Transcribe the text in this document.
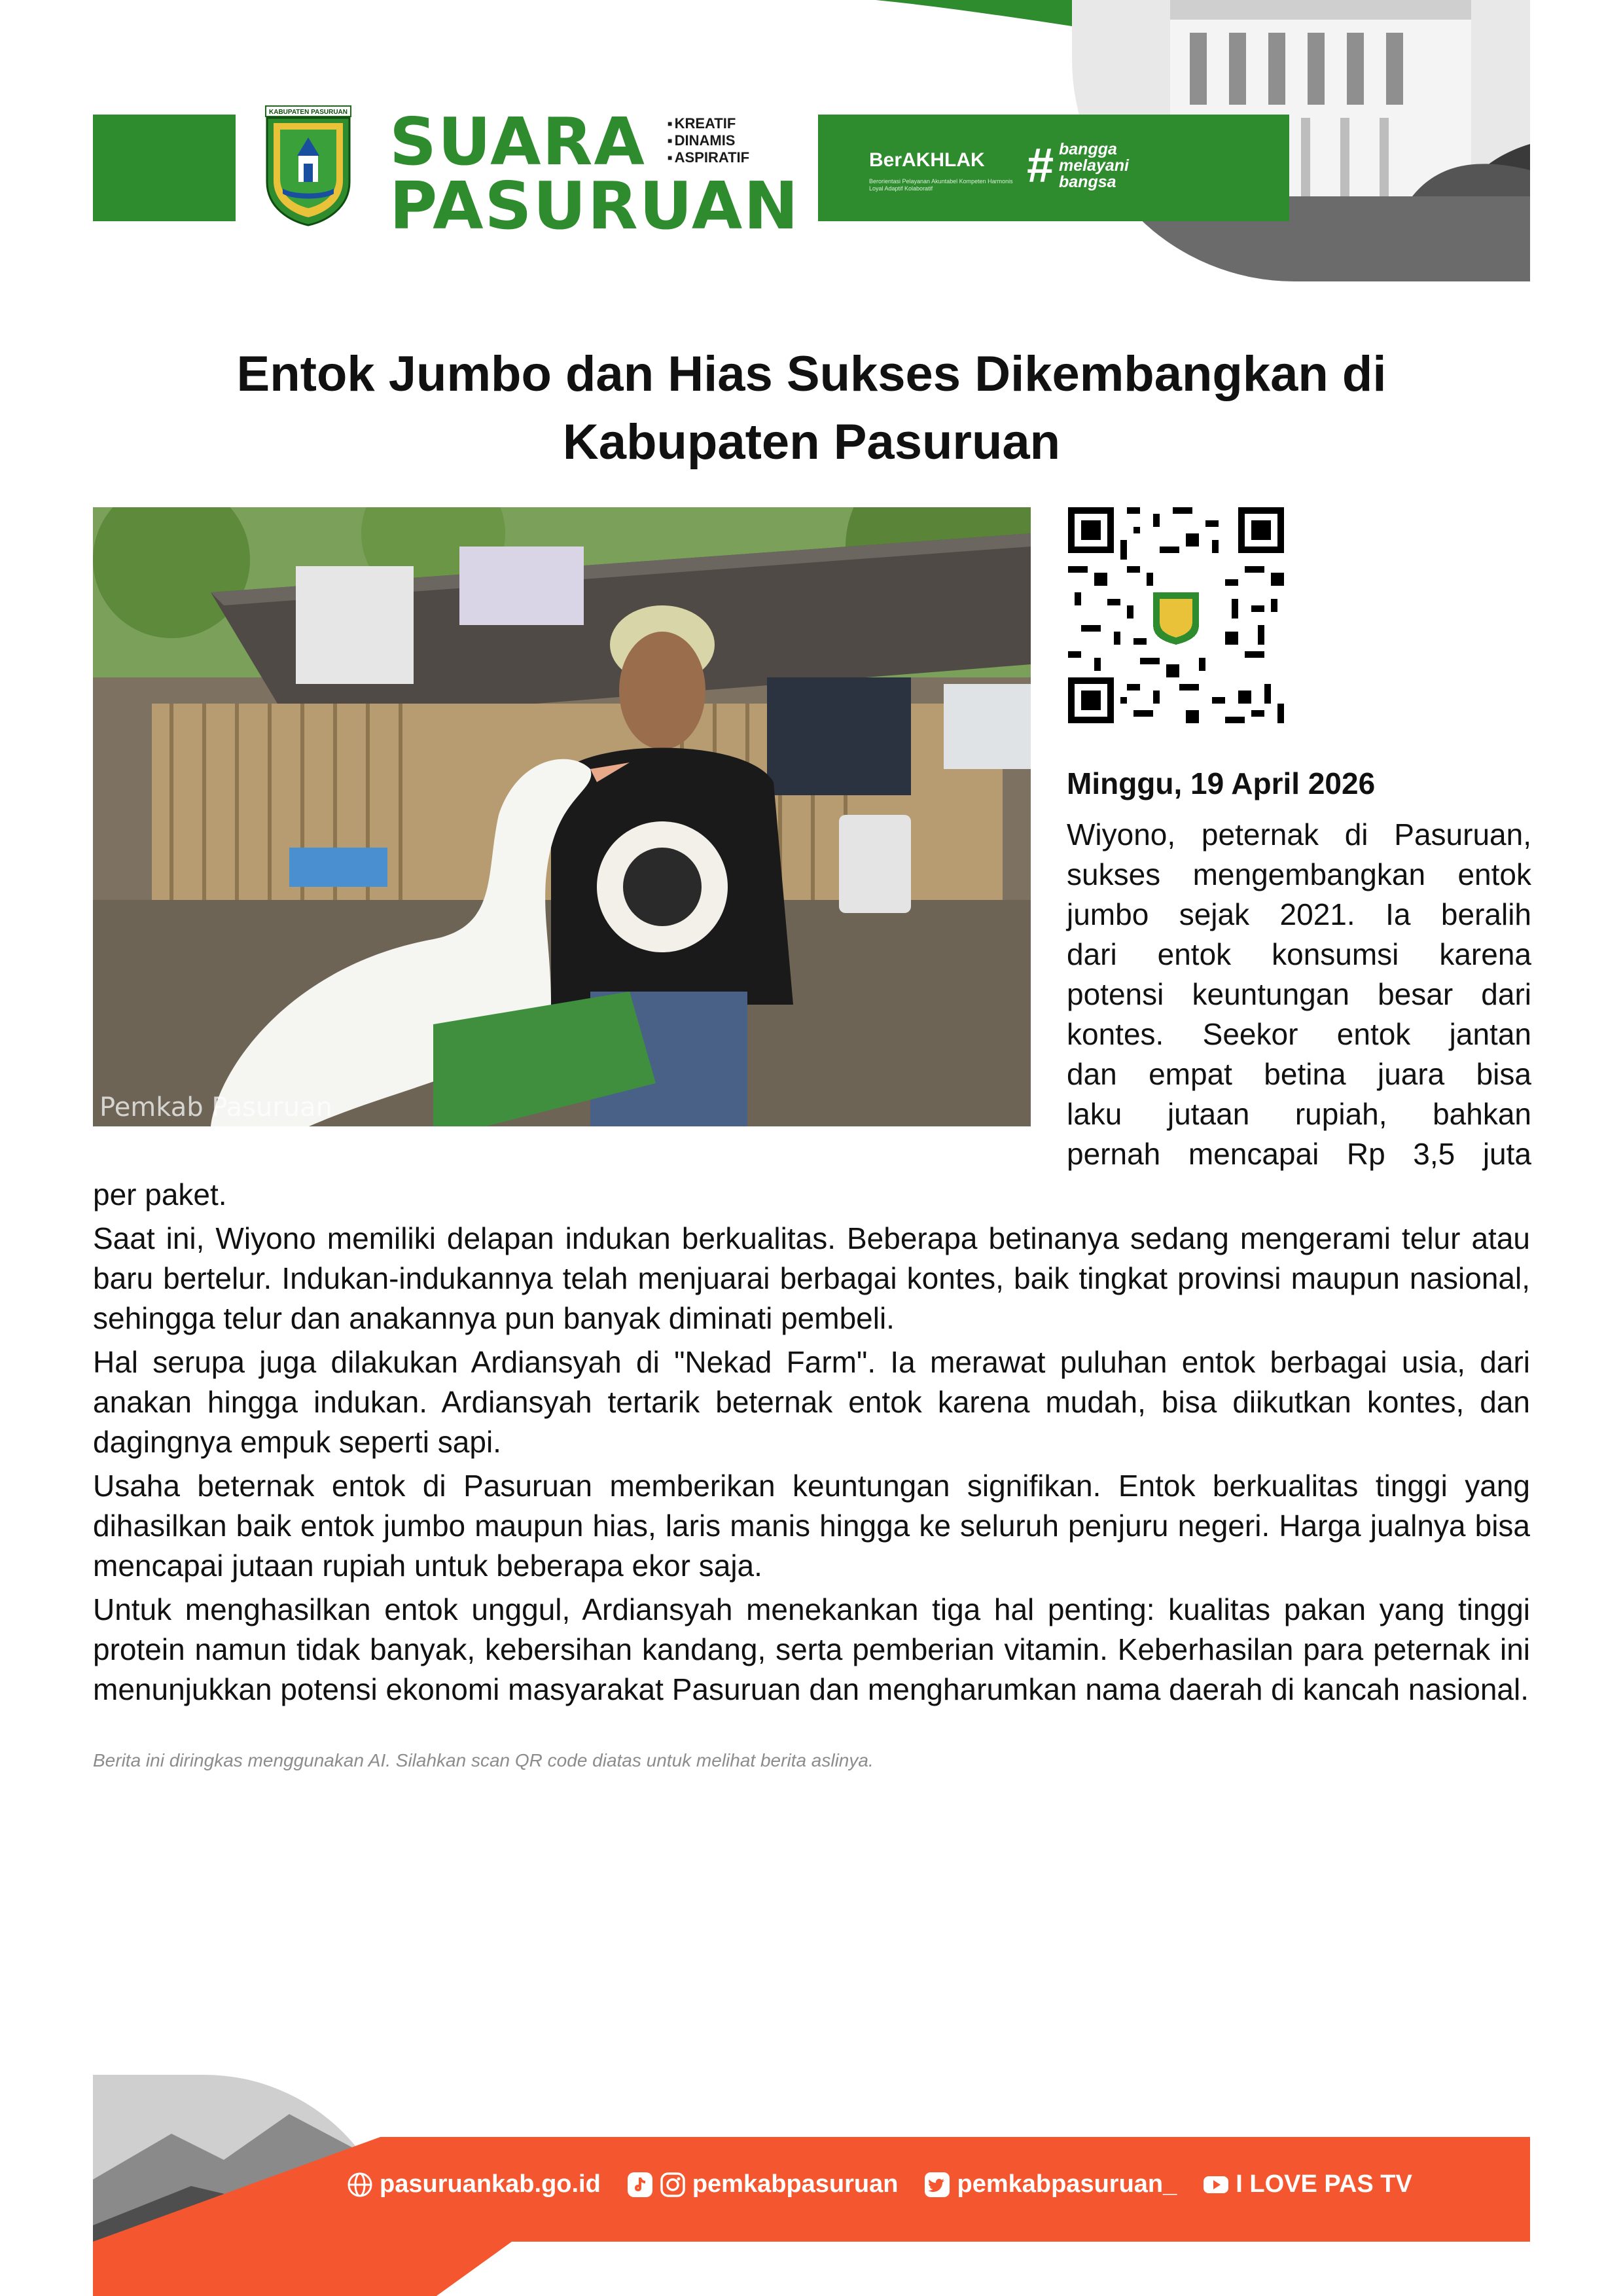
KABUPATEN PASURUAN SUARA
PASURUAN
■ KREATIF
■ DINAMIS
■ ASPIRATIF	BerAKHLAK
Berorientasi Pelayanan Akuntabel Kompeten Harmonis Loyal Adaptif Kolaboratif	# bangga
melayani
bangsa
Entok Jumbo dan Hias Sukses Dikembangkan di
Kabupaten Pasuruan
Pemkab Pasuruan
Minggu, 19 April 2026
Wiyono, peternak di Pasuruan,
sukses mengembangkan entok
jumbo sejak 2021. Ia beralih
dari entok konsumsi karena
potensi keuntungan besar dari
kontes. Seekor entok jantan
dan empat betina juara bisa
laku jutaan rupiah, bahkan
pernah mencapai Rp 3,5 juta
per paket.

Saat ini, Wiyono memiliki delapan indukan berkualitas. Beberapa betinanya sedang mengerami telur atau baru bertelur. Indukan-indukannya telah menjuarai berbagai kontes, baik tingkat provinsi maupun nasional, sehingga telur dan anakannya pun banyak diminati pembeli.

Hal serupa juga dilakukan Ardiansyah di "Nekad Farm". Ia merawat puluhan entok berbagai usia, dari anakan hingga indukan. Ardiansyah tertarik beternak entok karena mudah, bisa diikutkan kontes, dan dagingnya empuk seperti sapi.

Usaha beternak entok di Pasuruan memberikan keuntungan signifikan. Entok berkualitas tinggi yang dihasilkan baik entok jumbo maupun hias, laris manis hingga ke seluruh penjuru negeri. Harga jualnya bisa mencapai jutaan rupiah untuk beberapa ekor saja.

Untuk menghasilkan entok unggul, Ardiansyah menekankan tiga hal penting: kualitas pakan yang tinggi protein namun tidak banyak, kebersihan kandang, serta pemberian vitamin. Keberhasilan para peternak ini menunjukkan potensi ekonomi masyarakat Pasuruan dan mengharumkan nama daerah di kancah nasional.

Berita ini diringkas menggunakan AI. Silahkan scan QR code diatas untuk melihat berita aslinya.
pasuruankab.go.id	pemkabpasuruan pemkabpasuruan_ I LOVE PAS TV
